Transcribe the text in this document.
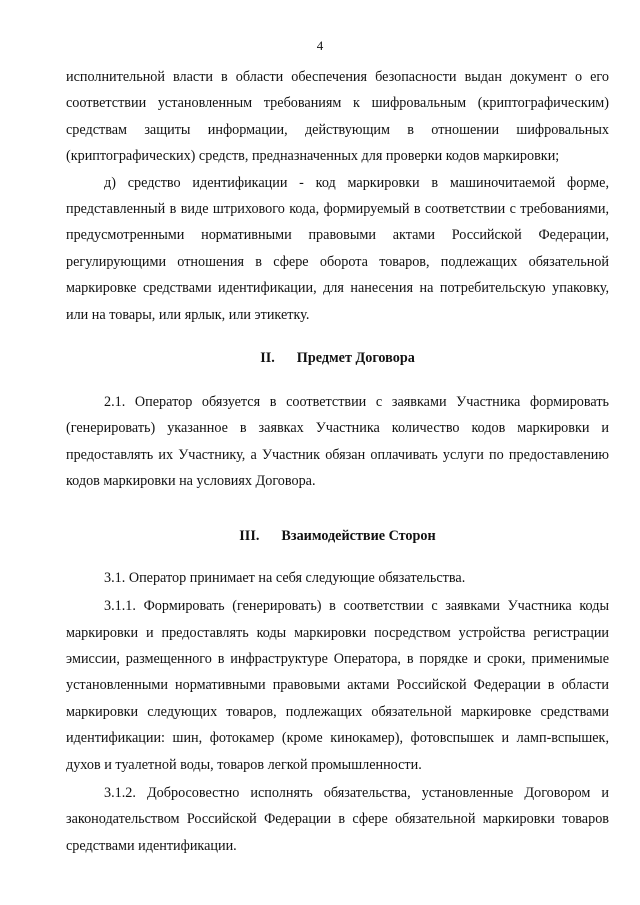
4

исполнительной власти в области обеспечения безопасности выдан документ о его соответствии установленным требованиям к шифровальным (криптографическим) средствам защиты информации, действующим в отношении шифровальных (криптографических) средств, предназначенных для проверки кодов маркировки;

д) средство идентификации - код маркировки в машиночитаемой форме, представленный в виде штрихового кода, формируемый в соответствии с требованиями, предусмотренными нормативными правовыми актами Российской Федерации, регулирующими отношения в сфере оборота товаров, подлежащих обязательной маркировке средствами идентификации, для нанесения на потребительскую упаковку, или на товары, или ярлык, или этикетку.

II. Предмет Договора

2.1. Оператор обязуется в соответствии с заявками Участника формировать (генерировать) указанное в заявках Участника количество кодов маркировки и предоставлять их Участнику, а Участник обязан оплачивать услуги по предоставлению кодов маркировки на условиях Договора.

III. Взаимодействие Сторон

3.1. Оператор принимает на себя следующие обязательства.

3.1.1. Формировать (генерировать) в соответствии с заявками Участника коды маркировки и предоставлять коды маркировки посредством устройства регистрации эмиссии, размещенного в инфраструктуре Оператора, в порядке и сроки, применимые установленными нормативными правовыми актами Российской Федерации в области маркировки следующих товаров, подлежащих обязательной маркировке средствами идентификации: шин, фотокамер (кроме кинокамер), фотовспышек и ламп-вспышек, духов и туалетной воды, товаров легкой промышленности.

3.1.2. Добросовестно исполнять обязательства, установленные Договором и законодательством Российской Федерации в сфере обязательной маркировки товаров средствами идентификации.
